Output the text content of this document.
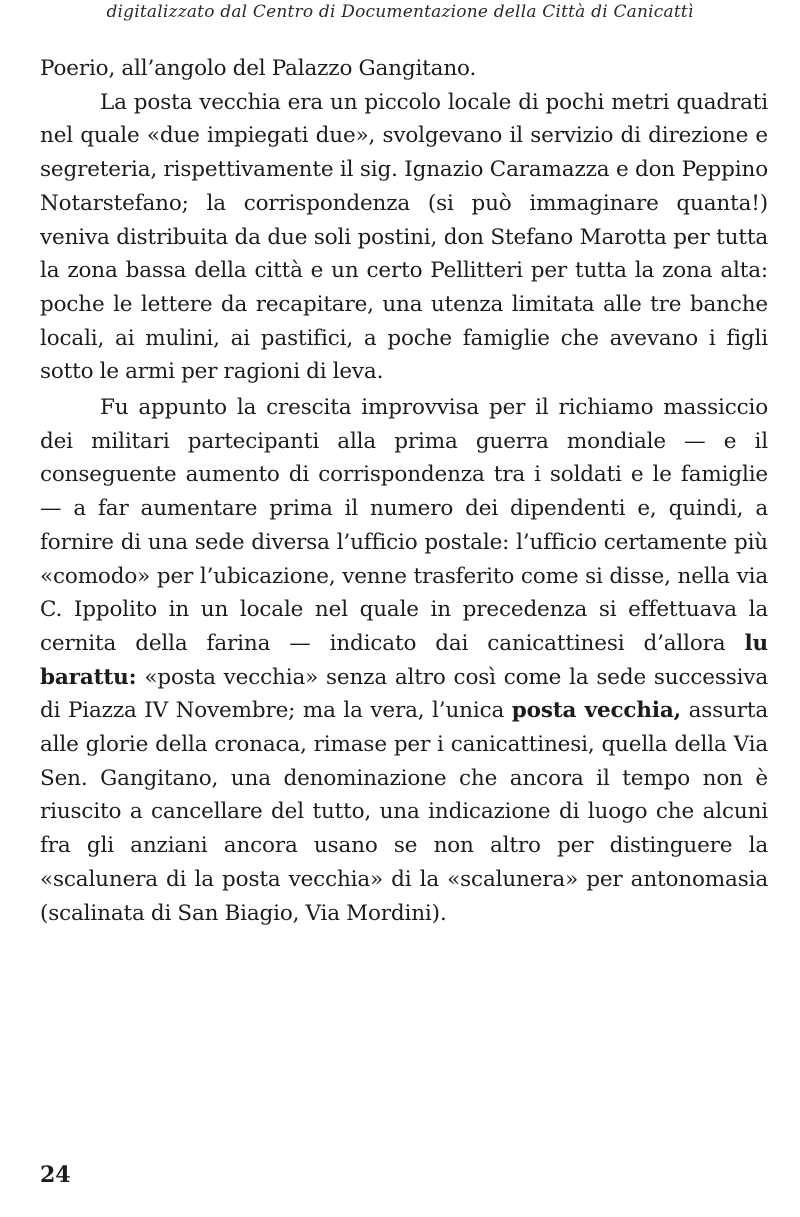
digitalizzato dal Centro di Documentazione della Città di Canicattì

Poerio, all’angolo del Palazzo Gangitano.

La posta vecchia era un piccolo locale di pochi metri quadrati nel quale «due impiegati due», svolgevano il servizio di direzione e segreteria, rispettivamente il sig. Ignazio Caramazza e don Peppino Notarstefano; la corrispondenza (si può immaginare quanta!) veniva distribuita da due soli postini, don Stefano Marotta per tutta la zona bassa della città e un certo Pellitteri per tutta la zona alta: poche le lettere da recapitare, una utenza limitata alle tre banche locali, ai mulini, ai pastifici, a poche famiglie che avevano i figli sotto le armi per ragioni di leva.

Fu appunto la crescita improvvisa per il richiamo massiccio dei militari partecipanti alla prima guerra mondiale — e il conseguente aumento di corrispondenza tra i soldati e le famiglie — a far aumentare prima il numero dei dipendenti e, quindi, a fornire di una sede diversa l’ufficio postale: l’ufficio certamente più «comodo» per l’ubicazione, venne trasferito come si disse, nella via C. Ippolito in un locale nel quale in precedenza si effettuava la cernita della farina — indicato dai canicattinesi d’allora lu barattu: «posta vecchia» senza altro così come la sede successiva di Piazza IV Novembre; ma la vera, l’unica posta vecchia, assurta alle glorie della cronaca, rimase per i canicattinesi, quella della Via Sen. Gangitano, una denominazione che ancora il tempo non è riuscito a cancellare del tutto, una indicazione di luogo che alcuni fra gli anziani ancora usano se non altro per distinguere la «scalunera di la posta vecchia» di la «scalunera» per antonomasia (scalinata di San Biagio, Via Mordini).

24
